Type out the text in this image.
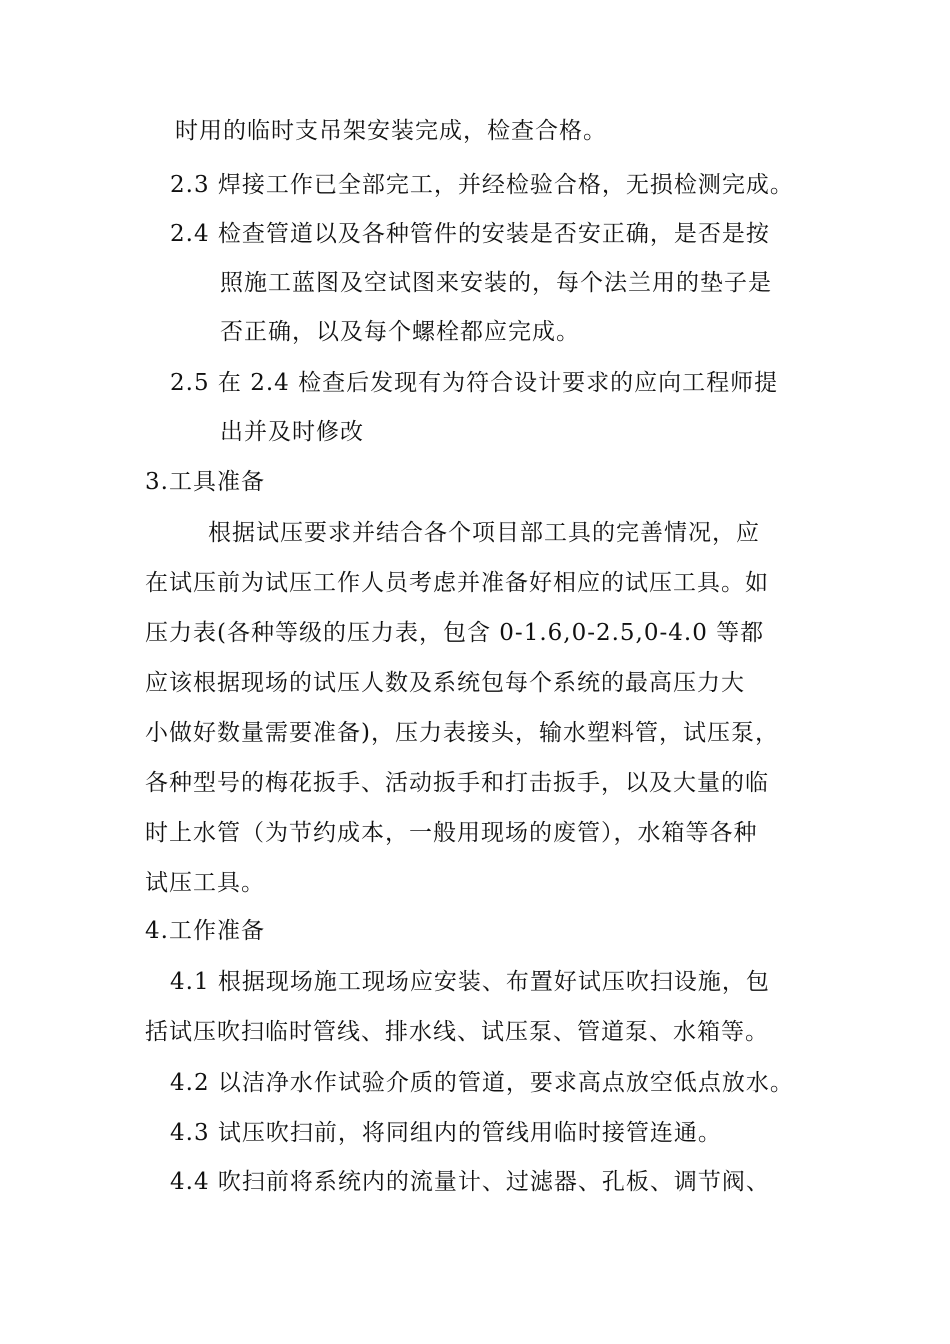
时用的临时支吊架安装完成，检查合格。
2.3 焊接工作已全部完工，并经检验合格，无损检测完成。
2.4 检查管道以及各种管件的安装是否安正确，是否是按
照施工蓝图及空试图来安装的，每个法兰用的垫子是
否正确，以及每个螺栓都应完成。
2.5 在 2.4 检查后发现有为符合设计要求的应向工程师提
出并及时修改
3.工具准备
根据试压要求并结合各个项目部工具的完善情况，应
在试压前为试压工作人员考虑并准备好相应的试压工具。如
压力表(各种等级的压力表，包含 0-1.6,0-2.5,0-4.0 等都
应该根据现场的试压人数及系统包每个系统的最高压力大
小做好数量需要准备)，压力表接头，输水塑料管，试压泵，
各种型号的梅花扳手、活动扳手和打击扳手，以及大量的临
时上水管（为节约成本，一般用现场的废管），水箱等各种
试压工具。
4.工作准备
4.1 根据现场施工现场应安装、布置好试压吹扫设施，包
括试压吹扫临时管线、排水线、试压泵、管道泵、水箱等。
4.2 以洁净水作试验介质的管道，要求高点放空低点放水。
4.3 试压吹扫前，将同组内的管线用临时接管连通。
4.4 吹扫前将系统内的流量计、过滤器、孔板、调节阀、
